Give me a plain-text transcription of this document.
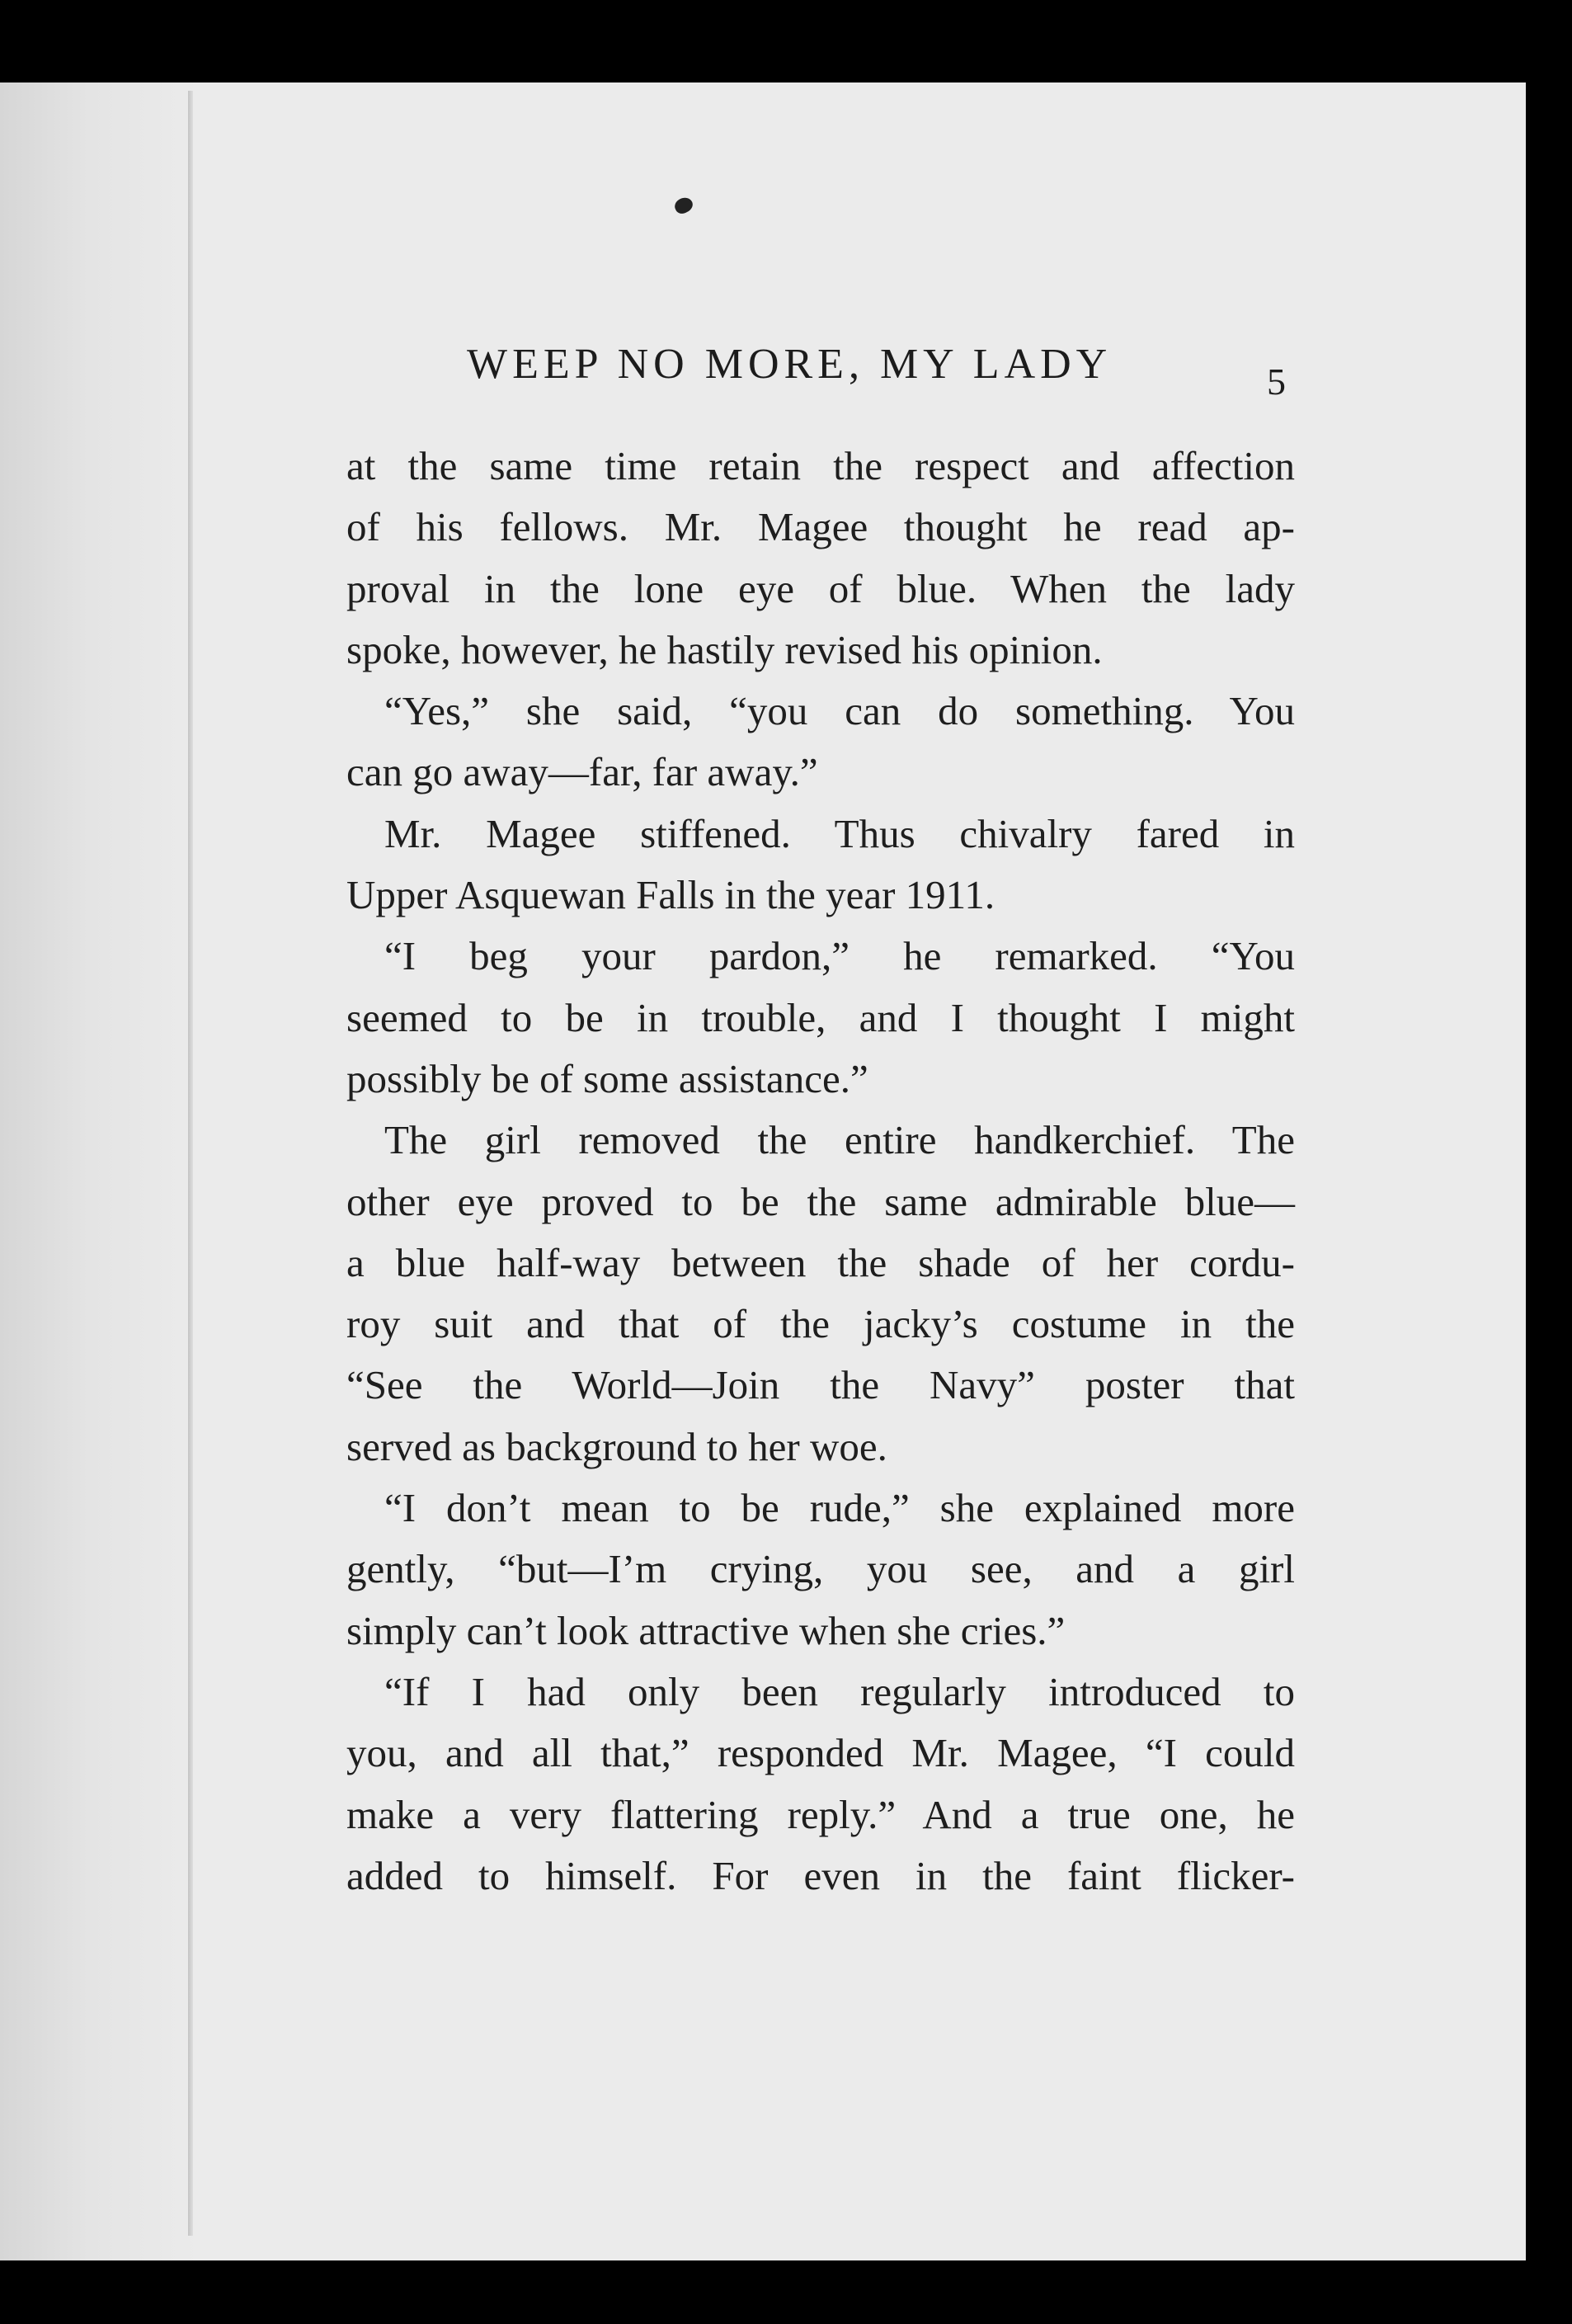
WEEP NO MORE, MY LADY	5
at the same time retain the respect and affection
of his fellows. Mr. Magee thought he read ap-
proval in the lone eye of blue. When the lady
spoke, however, he hastily revised his opinion.
“Yes,” she said, “you can do something. You
can go away—far, far away.”
Mr. Magee stiffened. Thus chivalry fared in
Upper Asquewan Falls in the year 1911.
“I beg your pardon,” he remarked. “You
seemed to be in trouble, and I thought I might
possibly be of some assistance.”
The girl removed the entire handkerchief. The
other eye proved to be the same admirable blue—
a blue half-way between the shade of her cordu-
roy suit and that of the jacky’s costume in the
“See the World—Join the Navy” poster that
served as background to her woe.
“I don’t mean to be rude,” she explained more
gently, “but—I’m crying, you see, and a girl
simply can’t look attractive when she cries.”
“If I had only been regularly introduced to
you, and all that,” responded Mr. Magee, “I could
make a very flattering reply.” And a true one, he
added to himself. For even in the faint flicker-
